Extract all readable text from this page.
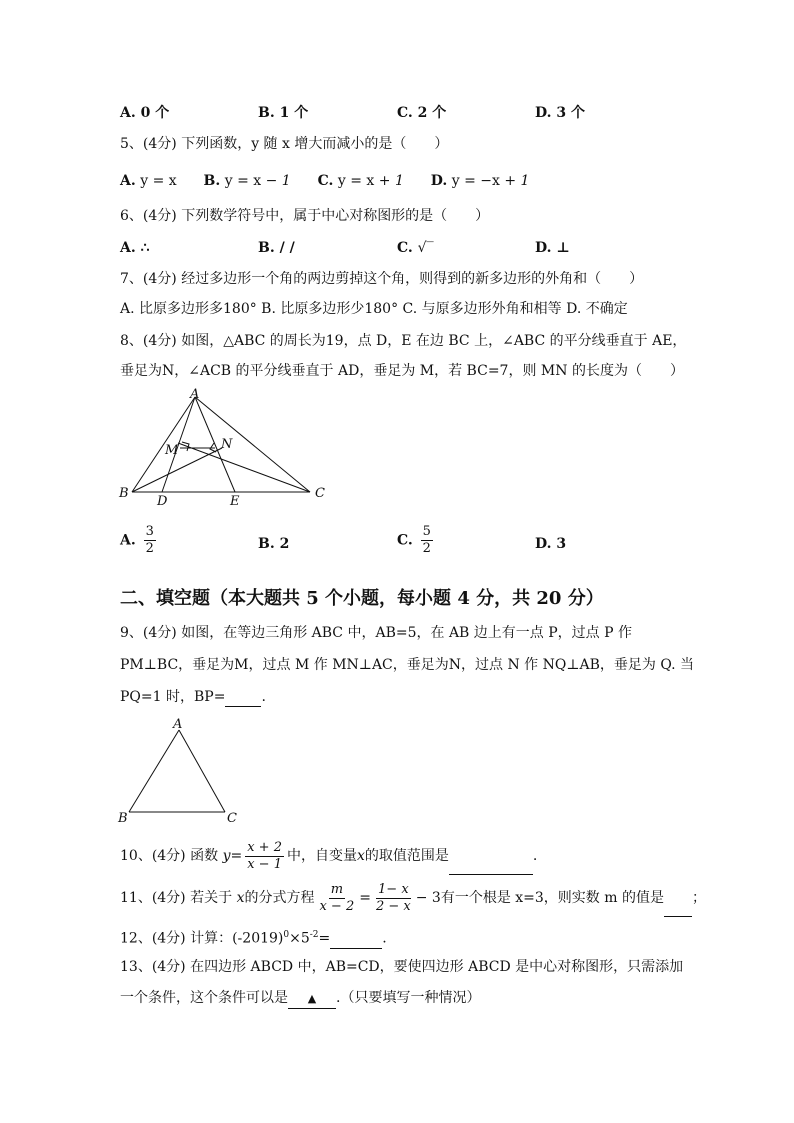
A. 0 个	B. 1 个	C. 2 个	D. 3 个
5、(4分) 下列函数，y 随 x 增大而减小的是（　　）
A. y = x B. y = x − 1 C. y = x + 1 D. y = −x + 1
6、(4分) 下列数学符号中，属于中心对称图形的是（　　）
A. ∴	B. / /	C. √‾	D. ⊥
7、(4分) 经过多边形一个角的两边剪掉这个角，则得到的新多边形的外角和（　　）
A. 比原多边形多180° B. 比原多边形少180° C. 与原多边形外角和相等 D. 不确定
8、(4分) 如图，△ABC 的周长为19，点 D，E 在边 BC 上，∠ABC 的平分线垂直于 AE，
垂足为N，∠ACB 的平分线垂直于 AD，垂足为 M，若 BC=7，则 MN 的长度为（　　）
A
B	C
D	E
M	N
A. $\frac{3}{2}$	B. 2	C. $\frac{5}{2}$	D. 3
二、填空题（本大题共 5 个小题，每小题 4 分，共 20 分）
9、(4分) 如图，在等边三角形 ABC 中，AB=5，在 AB 边上有一点 P，过点 P 作
PM⊥BC，垂足为M，过点 M 作 MN⊥AC，垂足为N，过点 N 作 NQ⊥AB，垂足为 Q. 当
PQ=1 时，BP=	.
A
B	C
10、(4分) 函数 $y= \frac{x + 2}{x - 1}$ 中，自变量x的取值范围是	.
11、(4分) 若关于 x的分式方程 $\frac{m}{x - 2} = \frac{1- x}{2 - x} - 3$有一个根是 x=3，则实数 m 的值是 ；
12、(4分) 计算：$(-2019)^0\times 5^{-2}=$	.
13、(4分) 在四边形 ABCD 中，AB=CD，要使四边形 ABCD 是中心对称图形，只需添加
一个条件，这个条件可以是 ▲ .（只要填写一种情况）
